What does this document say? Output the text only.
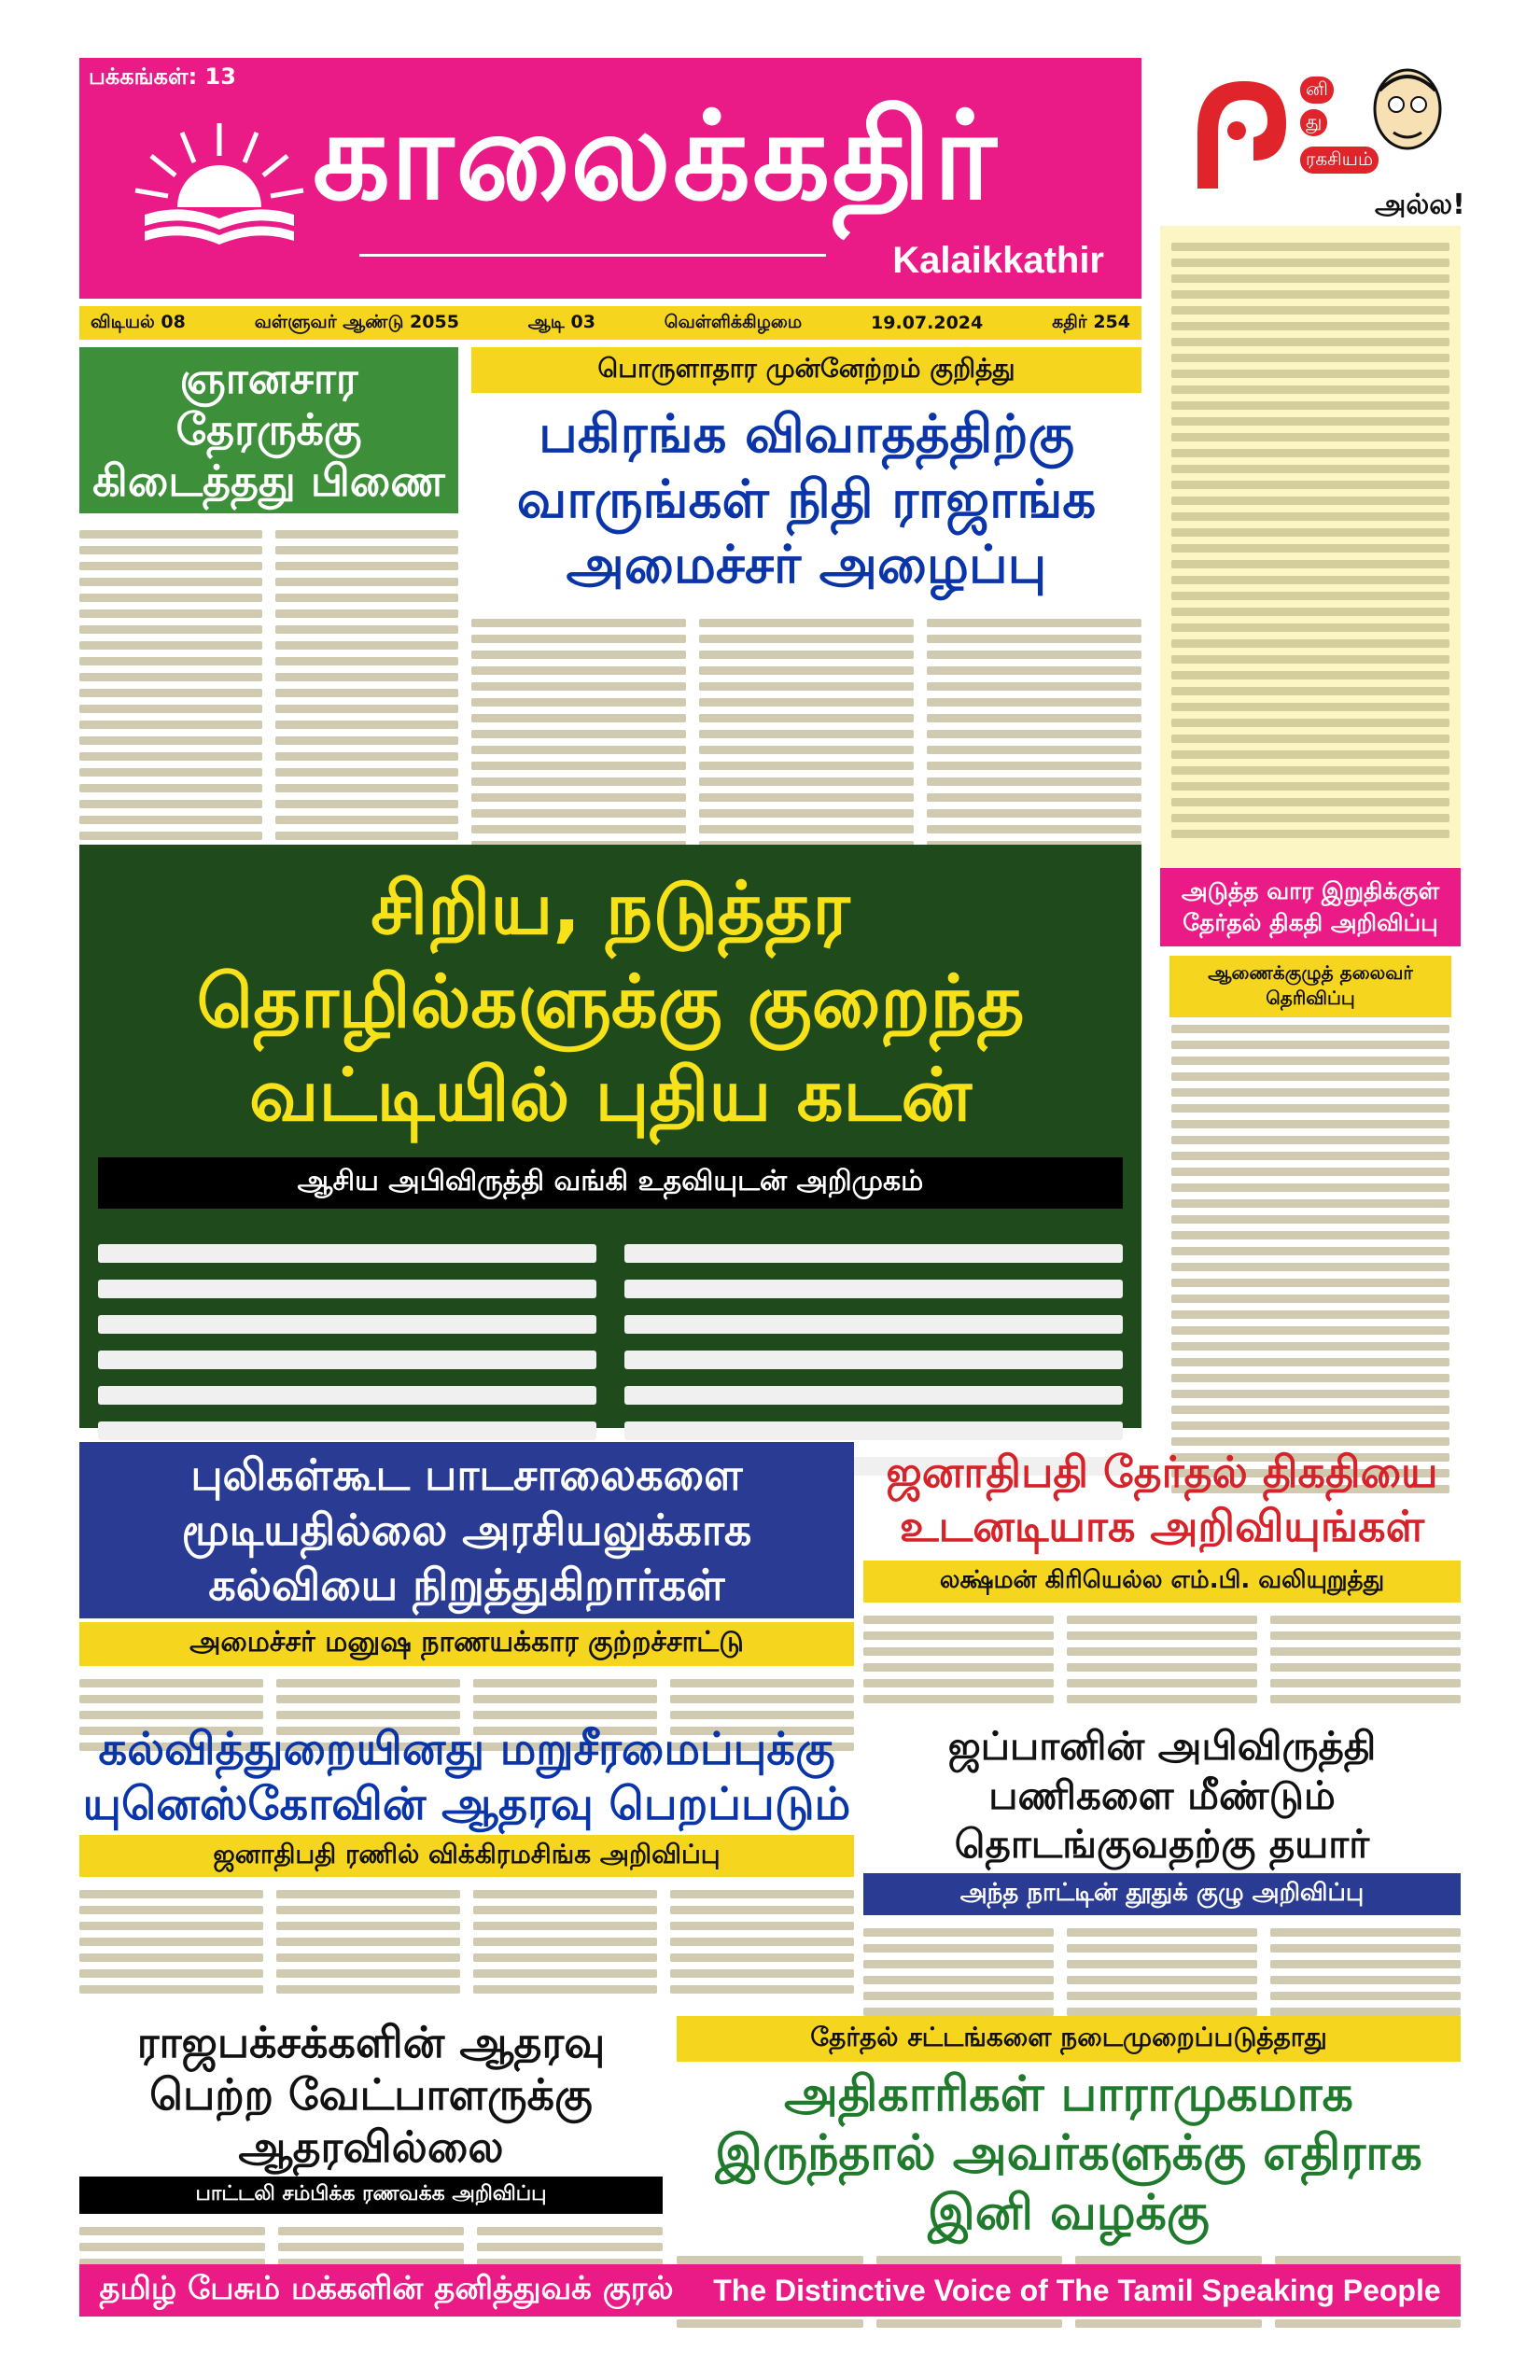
பக்கங்கள்: 13
காலைக்கதிர்
Kalaikkathir
விடியல் 08	வள்ளுவர் ஆண்டு 2055	ஆடி 03	வெள்ளிக்கிழமை	19.07.2024	கதிர் 254
னி
து
ரகசியம்
அல்ல!
அடுத்த வார இறுதிக்குள் தேர்தல் திகதி அறிவிப்பு
ஆணைக்குழுத் தலைவர் தெரிவிப்பு
ஞானசார தேரருக்கு கிடைத்தது பிணை
பொருளாதார முன்னேற்றம் குறித்து
பகிரங்க விவாதத்திற்கு வாருங்கள் நிதி ராஜாங்க அமைச்சர் அழைப்பு
சிறிய, நடுத்தர தொழில்களுக்கு குறைந்த வட்டியில் புதிய கடன்
ஆசிய அபிவிருத்தி வங்கி உதவியுடன் அறிமுகம்
புலிகள்கூட பாடசாலைகளை மூடியதில்லை அரசியலுக்காக கல்வியை நிறுத்துகிறார்கள்
அமைச்சர் மனுஷ நாணயக்கார குற்றச்சாட்டு
ஜனாதிபதி தேர்தல் திகதியை உடனடியாக அறிவியுங்கள்
லக்ஷ்மன் கிரியெல்ல எம்.பி. வலியுறுத்து
கல்வித்துறையினது மறுசீரமைப்புக்கு யுனெஸ்கோவின் ஆதரவு பெறப்படும்
ஜனாதிபதி ரணில் விக்கிரமசிங்க அறிவிப்பு
ஜப்பானின் அபிவிருத்தி பணிகளை மீண்டும் தொடங்குவதற்கு தயார்
அந்த நாட்டின் தூதுக் குழு அறிவிப்பு
ராஜபக்சக்களின் ஆதரவு பெற்ற வேட்பாளருக்கு ஆதரவில்லை
பாட்டலி சம்பிக்க ரணவக்க அறிவிப்பு
தேர்தல் சட்டங்களை நடைமுறைப்படுத்தாது
அதிகாரிகள் பாராமுகமாக இருந்தால் அவர்களுக்கு எதிராக இனி வழக்கு
தமிழ் பேசும் மக்களின் தனித்துவக் குரல் The Distinctive Voice of The Tamil Speaking People
